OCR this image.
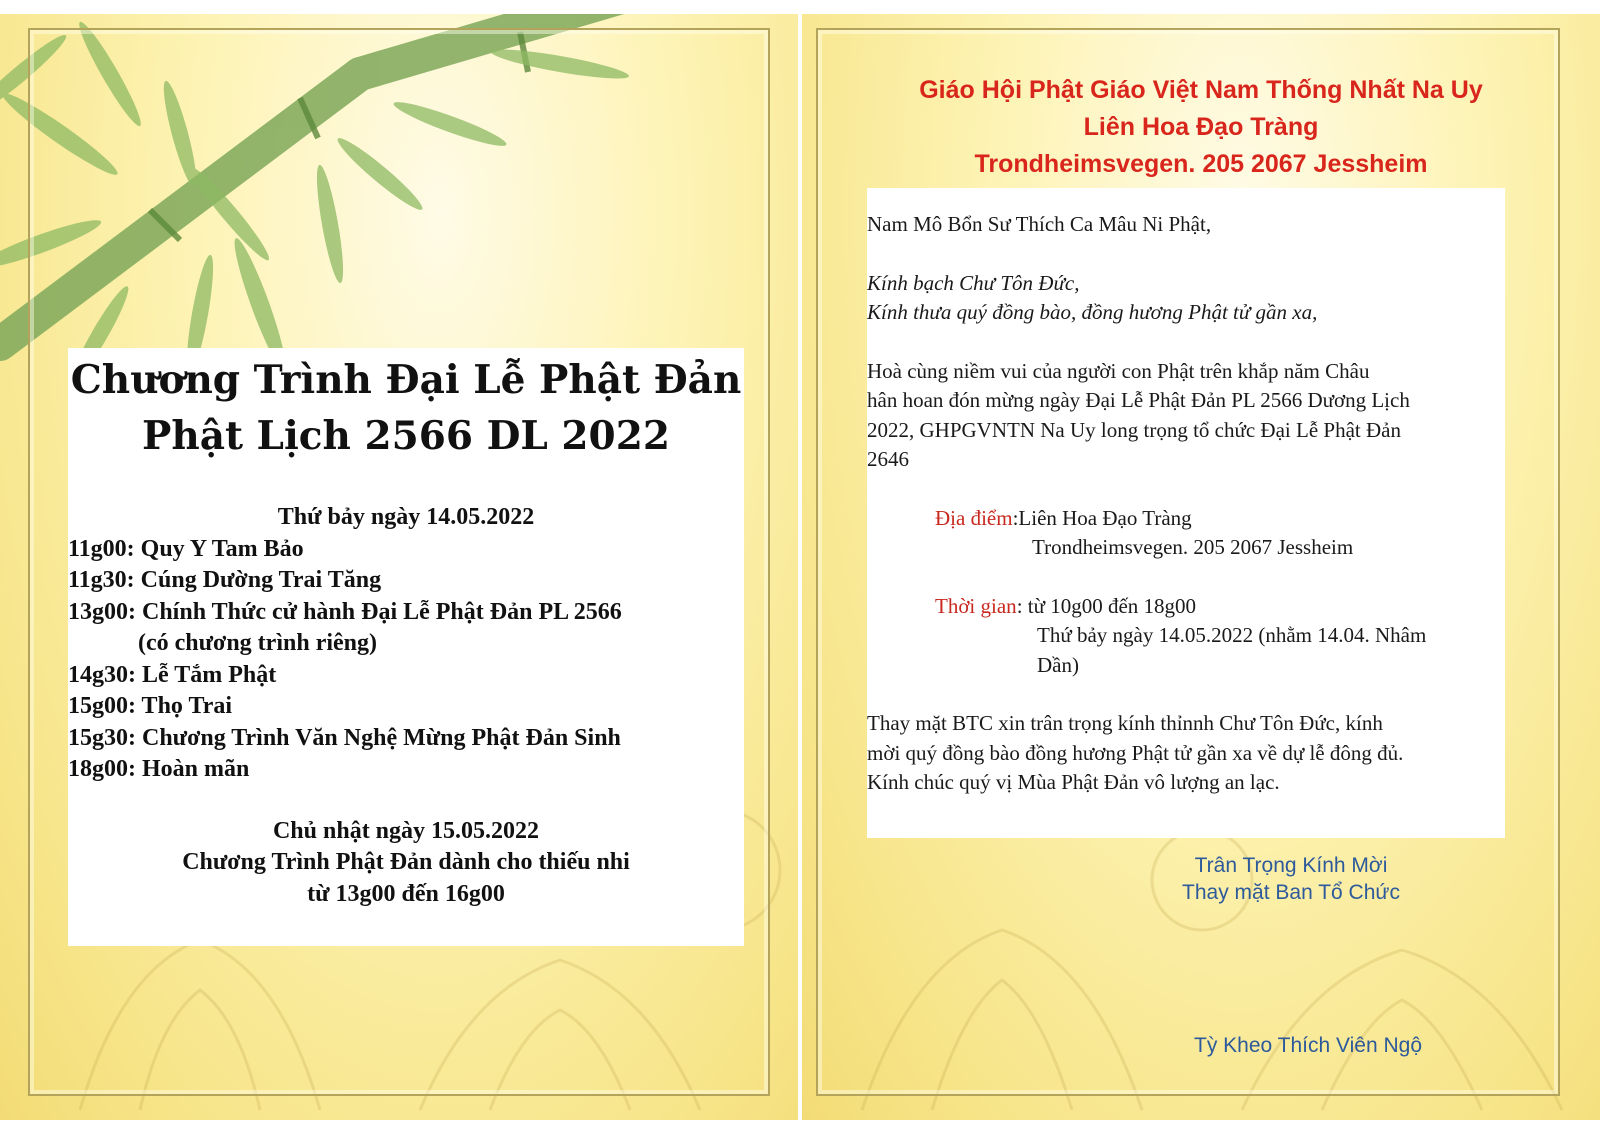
Chương Trình Đại Lễ Phật Đản

Phật Lịch 2566 DL 2022

Thứ bảy ngày 14.05.2022
11g00: Quy Y Tam Bảo
11g30: Cúng Dường Trai Tăng
13g00: Chính Thức cử hành Đại Lễ Phật Đản PL 2566
(có chương trình riêng)
14g30: Lễ Tắm Phật
15g00: Thọ Trai
15g30: Chương Trình Văn Nghệ Mừng Phật Đản Sinh
18g00: Hoàn mãn
Chủ nhật ngày 15.05.2022
Chương Trình Phật Đản dành cho thiếu nhi
từ 13g00 đến 16g00
Giáo Hội Phật Giáo Việt Nam Thống Nhất Na Uy
Liên Hoa Đạo Tràng
Trondheimsvegen. 205 2067 Jessheim
Nam Mô Bổn Sư Thích Ca Mâu Ni Phật,
Kính bạch Chư Tôn Đức,
Kính thưa quý đồng bào, đồng hương Phật tử gần xa,
Hoà cùng niềm vui của người con Phật trên khắp năm Châu
hân hoan đón mừng ngày Đại Lễ Phật Đản PL 2566 Dương Lịch
2022, GHPGVNTN Na Uy long trọng tổ chức Đại Lễ Phật Đản
2646
Địa điểm:Liên Hoa Đạo Tràng
Trondheimsvegen. 205 2067 Jessheim
Thời gian: từ 10g00 đến 18g00
Thứ bảy ngày 14.05.2022 (nhằm 14.04. Nhâm
Dần)
Thay mặt BTC xin trân trọng kính thỉnnh Chư Tôn Đức, kính
mời quý đồng bào đồng hương Phật tử gần xa về dự lễ đông đủ.
Kính chúc quý vị Mùa Phật Đản vô lượng an lạc.
Trân Trọng Kính Mời
Thay mặt Ban Tổ Chức
Tỳ Kheo Thích Viên Ngộ
